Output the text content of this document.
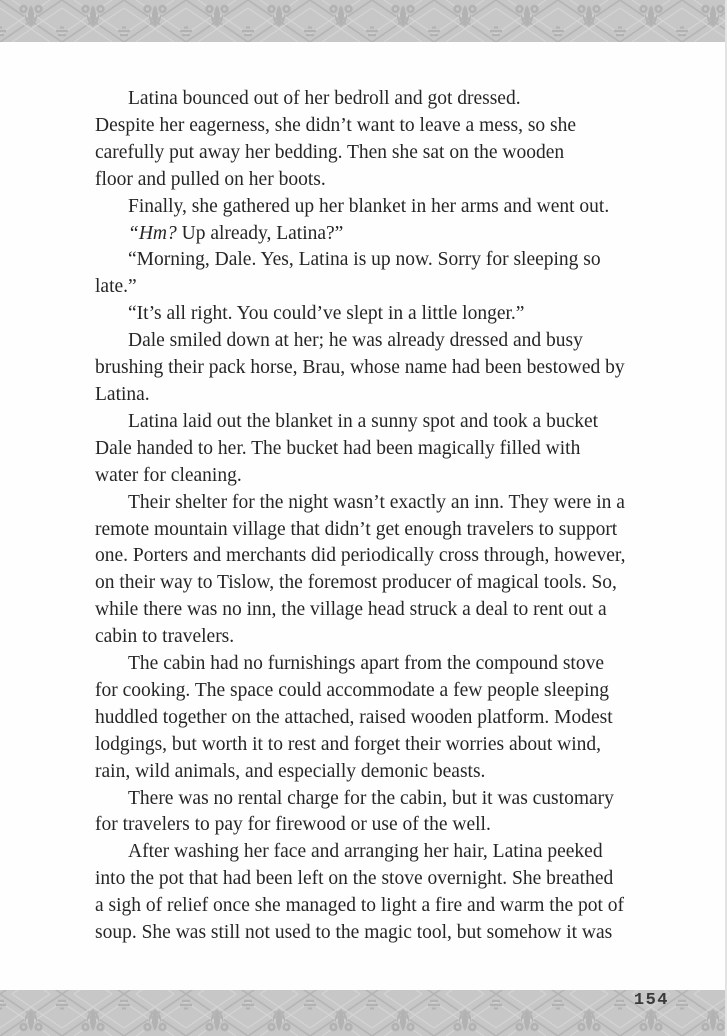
Latina bounced out of her bedroll and got dressed.
Despite her eagerness, she didn’t want to leave a mess, so she
carefully put away her bedding. Then she sat on the wooden
floor and pulled on her boots.

Finally, she gathered up her blanket in her arms and went out.

“Hm? Up already, Latina?”

“Morning, Dale. Yes, Latina is up now. Sorry for sleeping so
late.”

“It’s all right. You could’ve slept in a little longer.”

Dale smiled down at her; he was already dressed and busy
brushing their pack horse, Brau, whose name had been bestowed by
Latina.

Latina laid out the blanket in a sunny spot and took a bucket
Dale handed to her. The bucket had been magically filled with
water for cleaning.

Their shelter for the night wasn’t exactly an inn. They were in a
remote mountain village that didn’t get enough travelers to support
one. Porters and merchants did periodically cross through, however,
on their way to Tislow, the foremost producer of magical tools. So,
while there was no inn, the village head struck a deal to rent out a
cabin to travelers.

The cabin had no furnishings apart from the compound stove
for cooking. The space could accommodate a few people sleeping
huddled together on the attached, raised wooden platform. Modest
lodgings, but worth it to rest and forget their worries about wind,
rain, wild animals, and especially demonic beasts.

There was no rental charge for the cabin, but it was customary
for travelers to pay for firewood or use of the well.

After washing her face and arranging her hair, Latina peeked
into the pot that had been left on the stove overnight. She breathed
a sigh of relief once she managed to light a fire and warm the pot of
soup. She was still not used to the magic tool, but somehow it was

154
